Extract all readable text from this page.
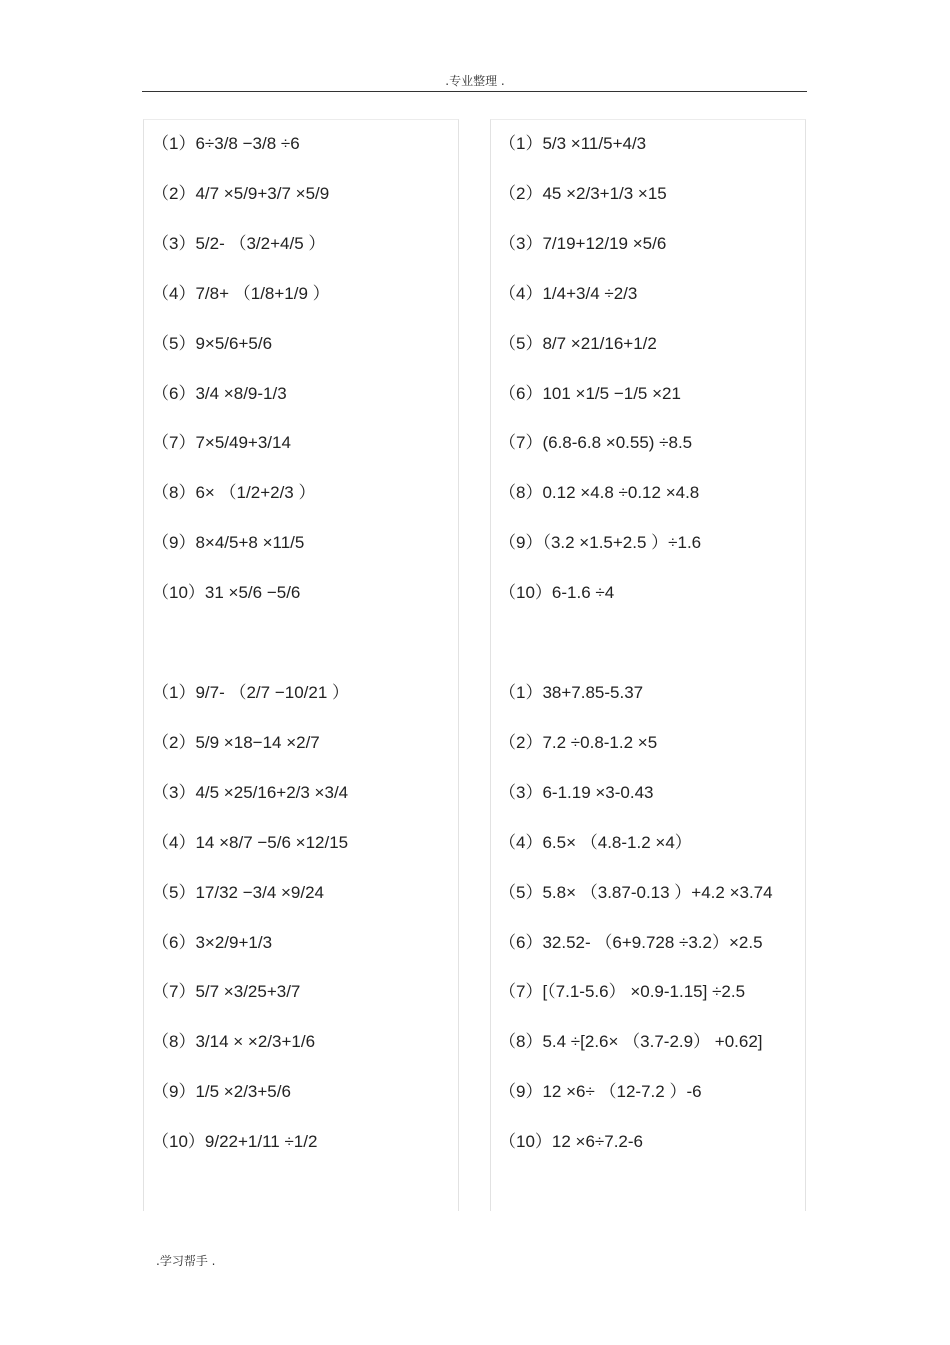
.专业整理 .
（1）6÷3/8 −3/8 ÷6
（2）4/7 ×5/9+3/7 ×5/9
（3）5/2- （3/2+4/5 ）
（4）7/8+ （1/8+1/9 ）
（5）9×5/6+5/6
（6）3/4 ×8/9-1/3
（7）7×5/49+3/14
（8）6× （1/2+2/3 ）
（9）8×4/5+8 ×11/5
（10）31 ×5/6 −5/6
（1）9/7- （2/7 −10/21 ）
（2）5/9 ×18−14 ×2/7
（3）4/5 ×25/16+2/3 ×3/4
（4）14 ×8/7 −5/6 ×12/15
（5）17/32 −3/4 ×9/24
（6）3×2/9+1/3
（7）5/7 ×3/25+3/7
（8）3/14 × ×2/3+1/6
（9）1/5 ×2/3+5/6
（10）9/22+1/11 ÷1/2
（1）5/3 ×11/5+4/3
（2）45 ×2/3+1/3 ×15
（3）7/19+12/19 ×5/6
（4）1/4+3/4 ÷2/3
（5）8/7 ×21/16+1/2
（6）101 ×1/5 −1/5 ×21
（7）(6.8-6.8 ×0.55) ÷8.5
（8）0.12 ×4.8 ÷0.12 ×4.8
（9）（3.2 ×1.5+2.5 ）÷1.6
（10）6-1.6 ÷4
（1）38+7.85-5.37
（2）7.2 ÷0.8-1.2 ×5
（3）6-1.19 ×3-0.43
（4）6.5× （4.8-1.2 ×4）
（5）5.8× （3.87-0.13 ）+4.2 ×3.74
（6）32.52- （6+9.728 ÷3.2）×2.5
（7）[（7.1-5.6） ×0.9-1.15] ÷2.5
（8）5.4 ÷[2.6× （3.7-2.9） +0.62]
（9）12 ×6÷ （12-7.2 ）-6
（10）12 ×6÷7.2-6
.学习帮手 .
